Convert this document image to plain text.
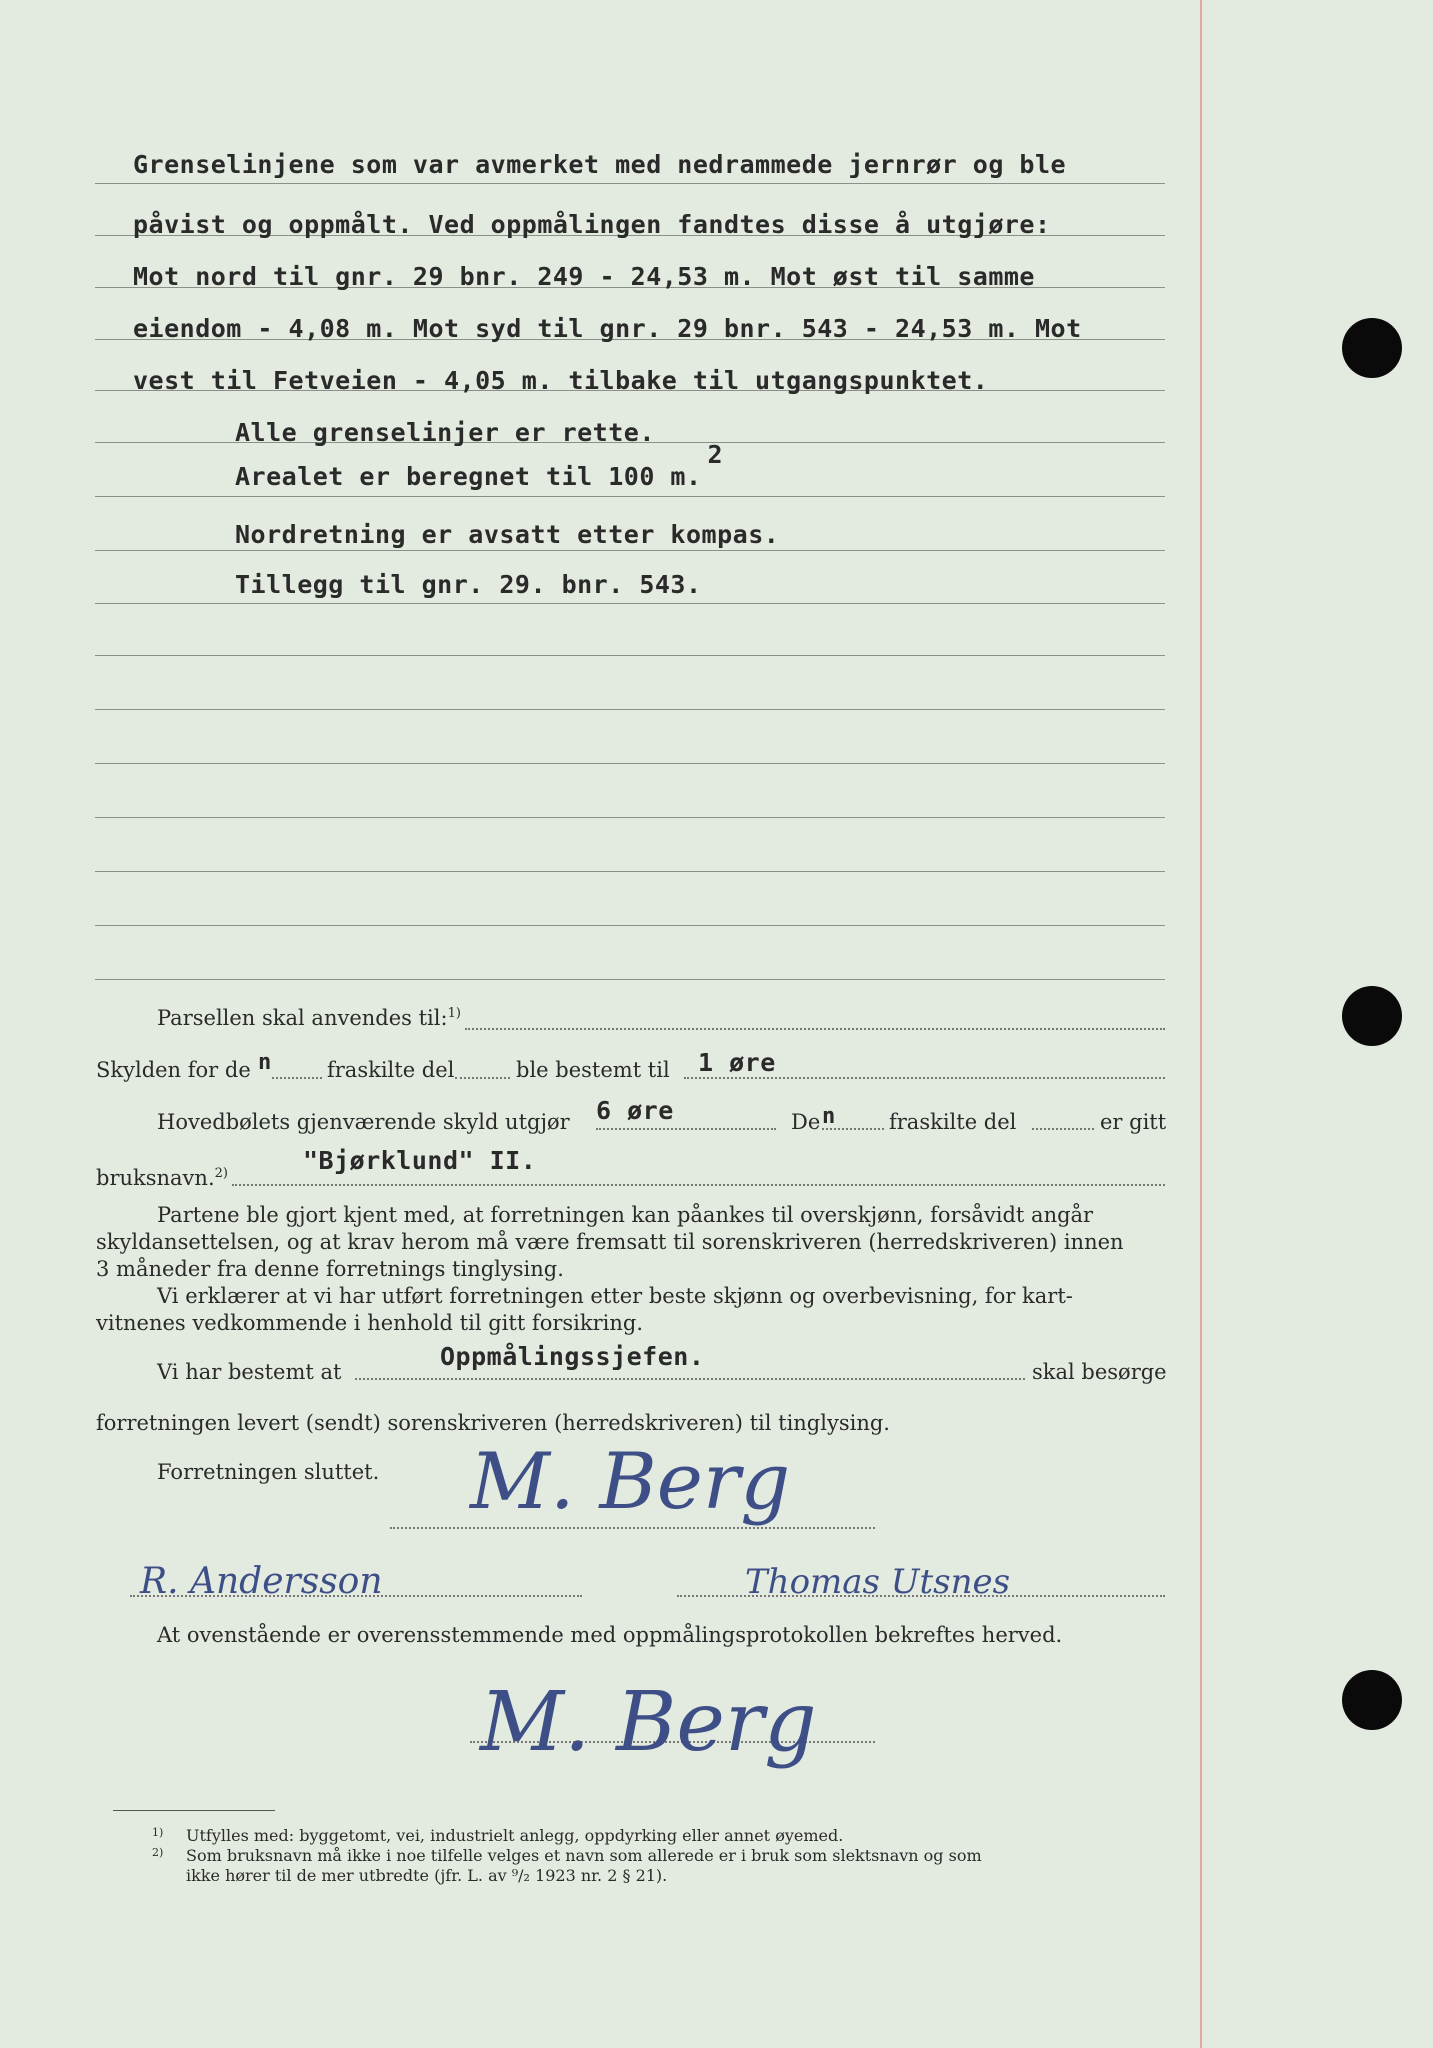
Grenselinjene som var avmerket med nedrammede jernrør og ble
påvist og oppmålt. Ved oppmålingen fandtes disse å utgjøre:
Mot nord til gnr. 29 bnr. 249 - 24,53 m. Mot øst til samme
eiendom - 4,08 m. Mot syd til gnr. 29 bnr. 543 - 24,53 m. Mot
vest til Fetveien - 4,05 m. tilbake til utgangspunktet.
Alle grenselinjer er rette.
Arealet er beregnet til 100 m.2
Nordretning er avsatt etter kompas.
Tillegg til gnr. 29. bnr. 543.
Parsellen skal anvendes til:$^{1)}$
Skylden for de n	fraskilte del	ble bestemt til 1 øre
Hovedbølets gjenværende skyld utgjør 6 øre	De n	fraskilte del	er gitt
bruksnavn.$^{2)}$	"Bjørklund" II.
Partene ble gjort kjent med, at forretningen kan påankes til overskjønn, forsåvidt angår
skyldansettelsen, og at krav herom må være fremsatt til sorenskriveren (herredskriveren) innen
3 måneder fra denne forretnings tinglysing.
Vi erklærer at vi har utført forretningen etter beste skjønn og overbevisning, for kart-
vitnenes vedkommende i henhold til gitt forsikring.
Vi har bestemt at
Oppmålingssjefen.
skal besørge
forretningen levert (sendt) sorenskriveren (herredskriveren) til tinglysing.
Forretningen sluttet. M. Berg
R. Andersson	Thomas Utsnes
At ovenstående er overensstemmende med oppmålingsprotokollen bekreftes herved.
M. Berg
1) Utfylles med: byggetomt, vei, industrielt anlegg, oppdyrking eller annet øyemed.
2) Som bruksnavn må ikke i noe tilfelle velges et navn som allerede er i bruk som slektsnavn og som
ikke hører til de mer utbredte (jfr. L. av ⁹/₂ 1923 nr. 2 § 21).
